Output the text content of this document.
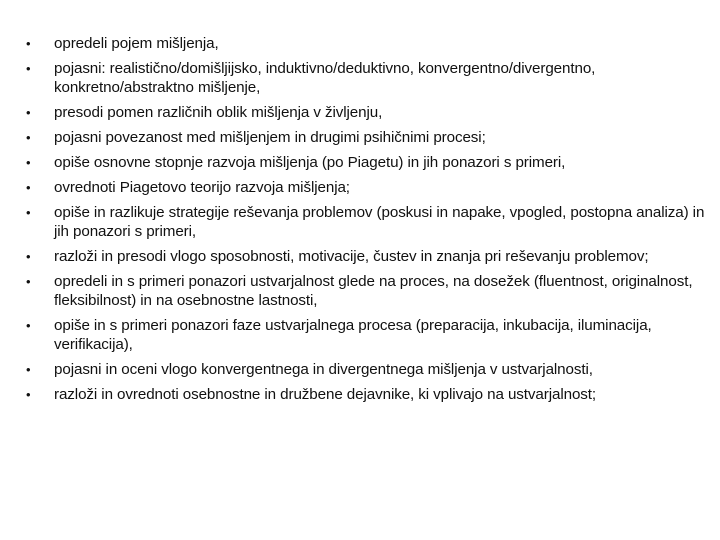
• opredeli pojem mišljenja,
• pojasni: realistično/domišljijsko, induktivno/deduktivno, konvergentno/divergentno, konkretno/abstraktno mišljenje,
• presodi pomen različnih oblik mišljenja v življenju,
• pojasni povezanost med mišljenjem in drugimi psihičnimi procesi;
• opiše osnovne stopnje razvoja mišljenja (po Piagetu) in jih ponazori s primeri,
• ovrednoti Piagetovo teorijo razvoja mišljenja;
• opiše in razlikuje strategije reševanja problemov (poskusi in napake, vpogled, postopna analiza) in jih ponazori s primeri,
• razloži in presodi vlogo sposobnosti, motivacije, čustev in znanja pri reševanju problemov;
• opredeli in s primeri ponazori ustvarjalnost glede na proces, na dosežek (fluentnost, originalnost, fleksibilnost) in na osebnostne lastnosti,
• opiše in s primeri ponazori faze ustvarjalnega procesa (preparacija, inkubacija, iluminacija, verifikacija),
• pojasni in oceni vlogo konvergentnega in divergentnega mišljenja v ustvarjalnosti,
• razloži in ovrednoti osebnostne in družbene dejavnike, ki vplivajo na ustvarjalnost;
